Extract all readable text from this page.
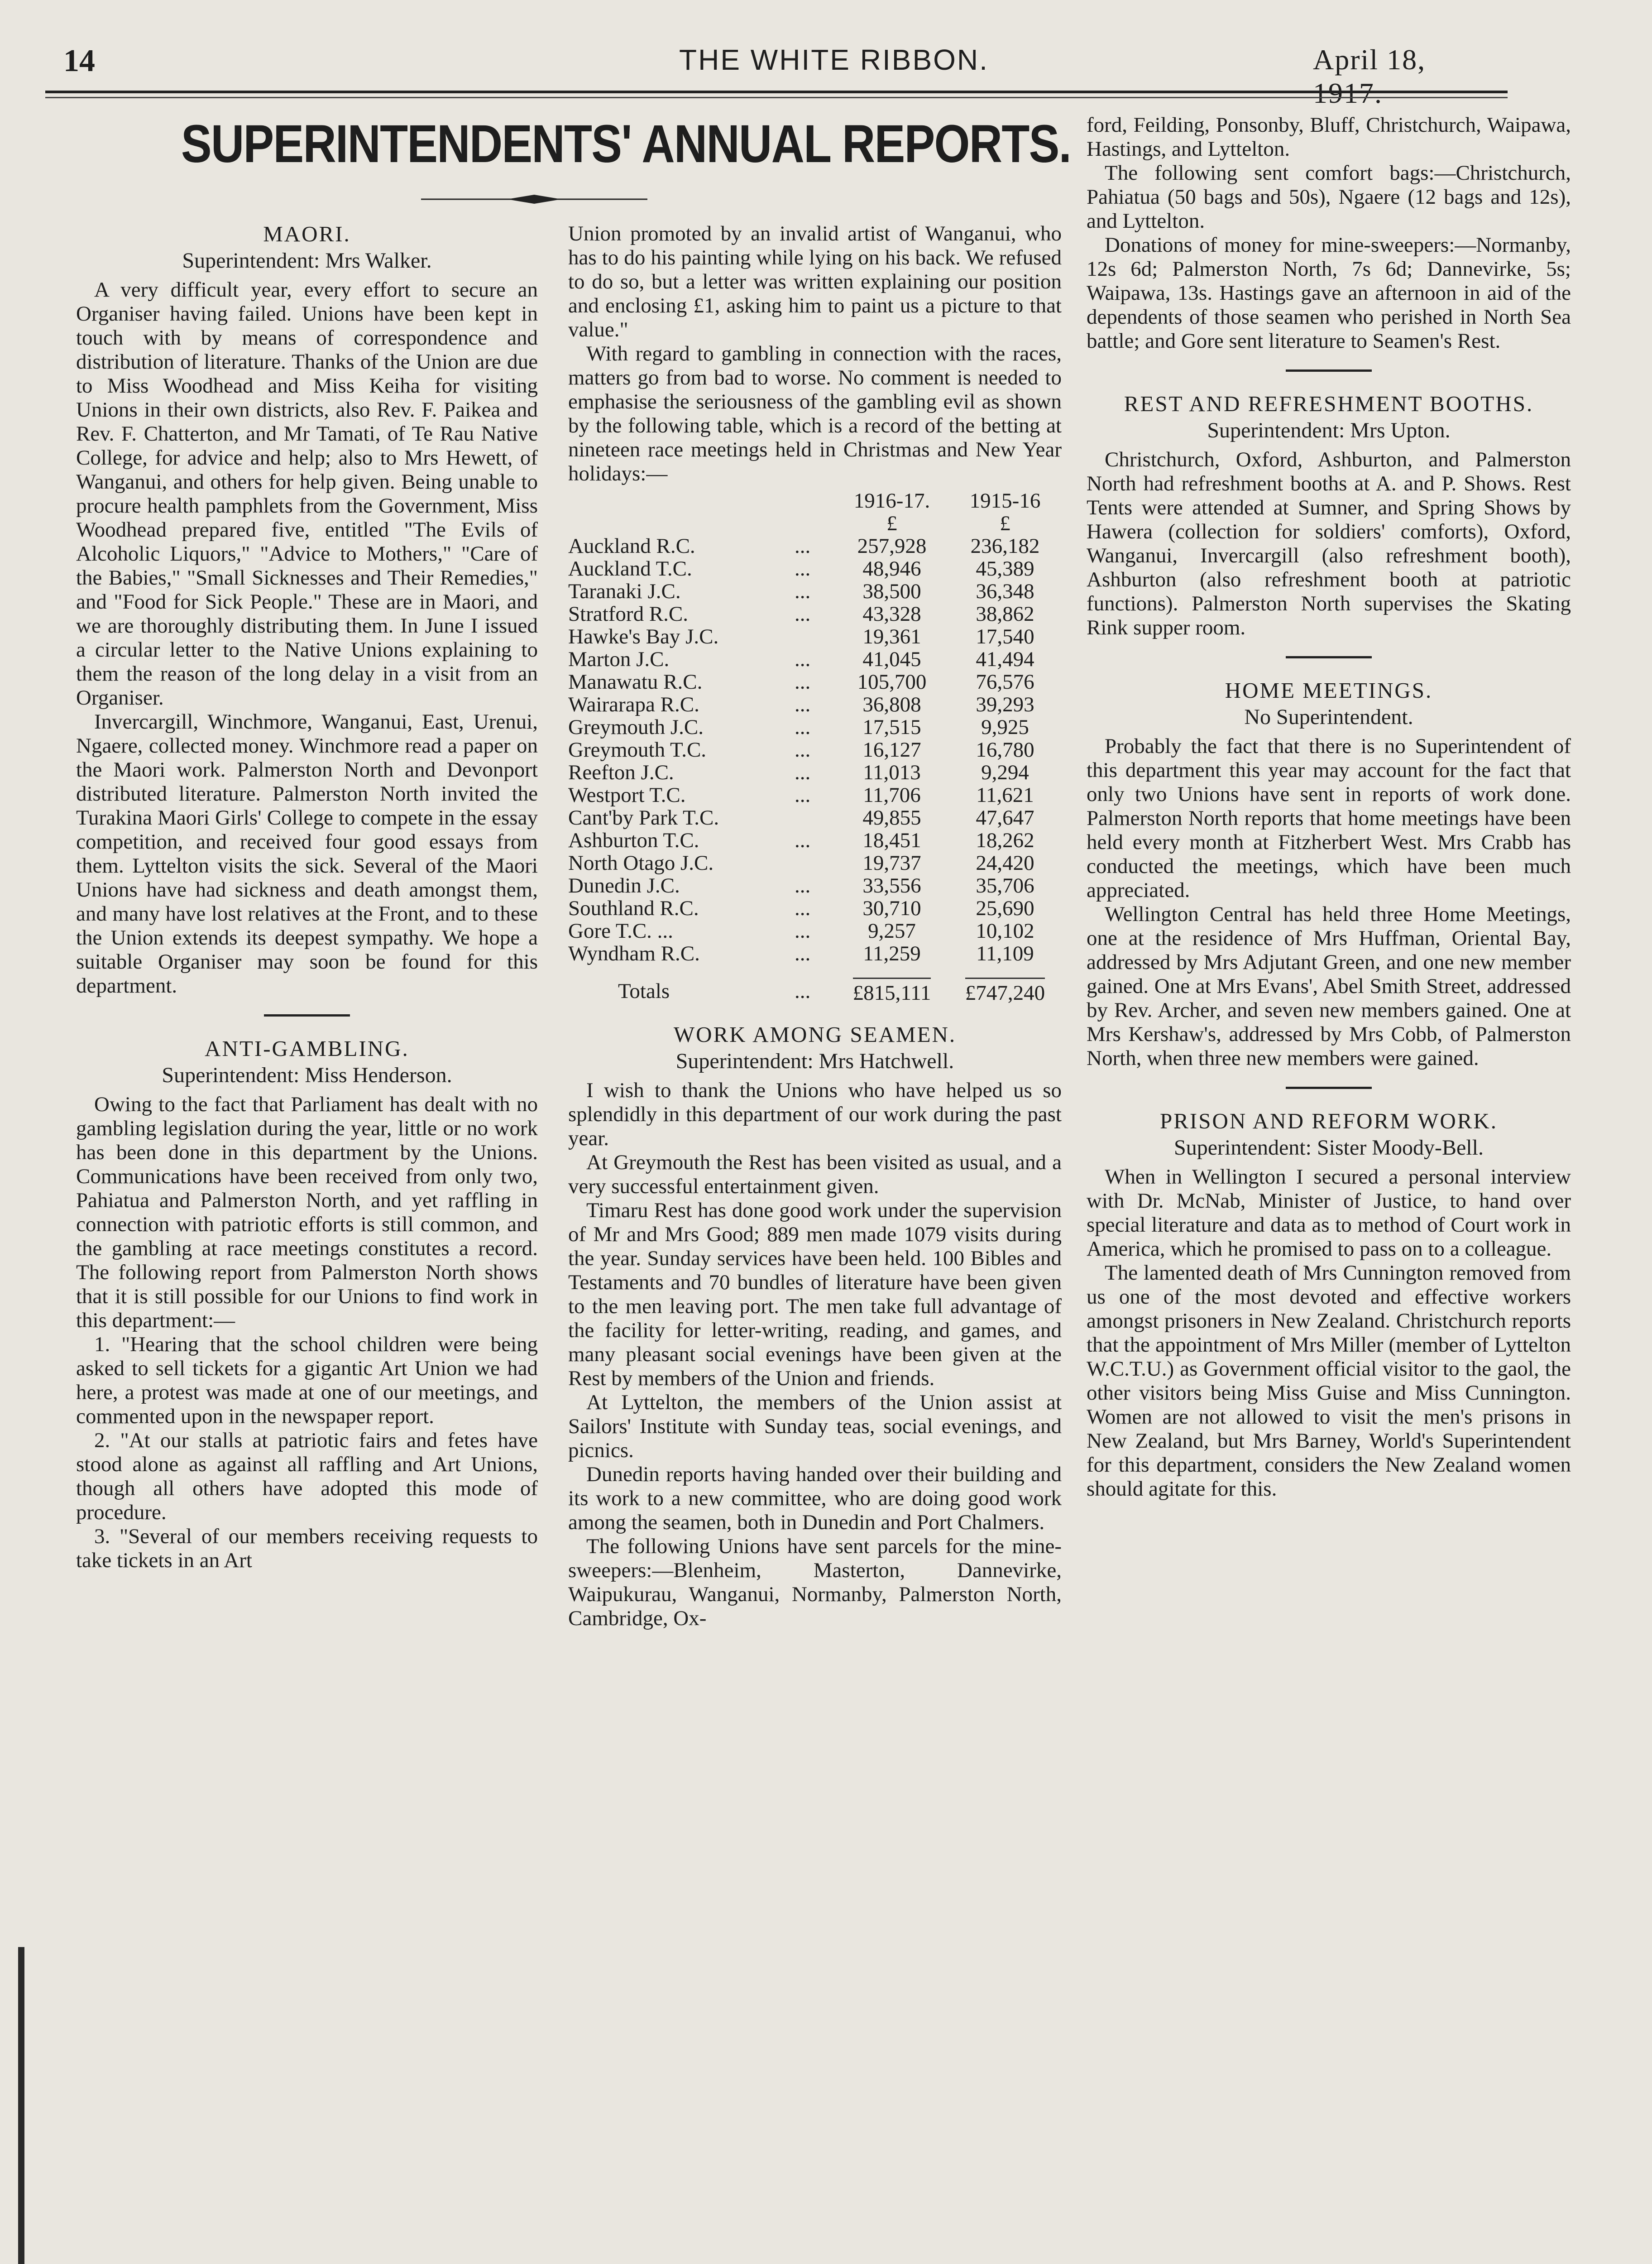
14	THE WHITE RIBBON.	April 18,
SUPERINTENDENTS' ANNUAL REPORTS.
MAORI.
Superintendent: Mrs Walker.

A very difficult year, every effort to secure an Organiser having failed. Unions have been kept in touch with by means of correspondence and distribution of literature. Thanks of the Union are due to Miss Woodhead and Miss Keiha for visiting Unions in their own districts, also Rev. F. Paikea and Rev. F. Chatterton, and Mr Tamati, of Te Rau Native College, for advice and help; also to Mrs Hewett, of Wanganui, and others for help given. Being unable to procure health pamphlets from the Government, Miss Woodhead prepared five, entitled "The Evils of Alcoholic Liquors," "Advice to Mothers," "Care of the Babies," "Small Sicknesses and Their Remedies," and "Food for Sick People." These are in Maori, and we are thoroughly distributing them. In June I issued a circular letter to the Native Unions explaining to them the reason of the long delay in a visit from an Organiser.

Invercargill, Winchmore, Wanganui, East, Urenui, Ngaere, collected money. Winchmore read a paper on the Maori work. Palmerston North and Devonport distributed literature. Palmerston North invited the Turakina Maori Girls' College to compete in the essay competition, and received four good essays from them. Lyttelton visits the sick. Several of the Maori Unions have had sickness and death amongst them, and many have lost relatives at the Front, and to these the Union extends its deepest sympathy. We hope a suitable Organiser may soon be found for this department.

ANTI-GAMBLING.
Superintendent: Miss Henderson.

Owing to the fact that Parliament has dealt with no gambling legislation during the year, little or no work has been done in this department by the Unions. Communications have been received from only two, Pahiatua and Palmerston North, and yet raffling in connection with patriotic efforts is still common, and the gambling at race meetings constitutes a record. The following report from Palmerston North shows that it is still possible for our Unions to find work in this department:—

1. "Hearing that the school children were being asked to sell tickets for a gigantic Art Union we had here, a protest was made at one of our meetings, and commented upon in the newspaper report.

2. "At our stalls at patriotic fairs and fetes have stood alone as against all raffling and Art Unions, though all others have adopted this mode of procedure.

3. "Several of our members receiving requests to take tickets in an Art

Union promoted by an invalid artist of Wanganui, who has to do his painting while lying on his back. We refused to do so, but a letter was written explaining our position and enclosing £1, asking him to paint us a picture to that value."

With regard to gambling in connection with the races, matters go from bad to worse. No comment is needed to emphasise the seriousness of the gambling evil as shown by the following table, which is a record of the betting at nineteen race meetings held in Christmas and New Year holidays:—

		1916-17.	1915-16
		£	£
Auckland R.C.	...	257,928	236,182
Auckland T.C.	...	48,946	45,389
Taranaki J.C.	...	38,500	36,348
Stratford R.C.	...	43,328	38,862
Hawke's Bay J.C.		19,361	17,540
Marton J.C.	...	41,045	41,494
Manawatu R.C.	...	105,700	76,576
Wairarapa R.C.	...	36,808	39,293
Greymouth J.C.	...	17,515	9,925
Greymouth T.C.	...	16,127	16,780
Reefton J.C.	...	11,013	9,294
Westport T.C.	...	11,706	11,621
Cant'by Park T.C.		49,855	47,647
Ashburton T.C.	...	18,451	18,262
North Otago J.C.		19,737	24,420
Dunedin J.C.	...	33,556	35,706
Southland R.C.	...	30,710	25,690
Gore T.C. ...	...	9,257	10,102
Wyndham R.C.	...	11,259	11,109
Totals	...	£815,111	£747,240
WORK AMONG SEAMEN.
Superintendent: Mrs Hatchwell.

I wish to thank the Unions who have helped us so splendidly in this department of our work during the past year.

At Greymouth the Rest has been visited as usual, and a very successful entertainment given.

Timaru Rest has done good work under the supervision of Mr and Mrs Good; 889 men made 1079 visits during the year. Sunday services have been held. 100 Bibles and Testaments and 70 bundles of literature have been given to the men leaving port. The men take full advantage of the facility for letter-writing, reading, and games, and many pleasant social evenings have been given at the Rest by members of the Union and friends.

At Lyttelton, the members of the Union assist at Sailors' Institute with Sunday teas, social evenings, and picnics.

Dunedin reports having handed over their building and its work to a new committee, who are doing good work among the seamen, both in Dunedin and Port Chalmers.

The following Unions have sent parcels for the mine-sweepers:—Blenheim, Masterton, Dannevirke, Waipukurau, Wanganui, Normanby, Palmerston North, Cambridge, Ox-

ford, Feilding, Ponsonby, Bluff, Christchurch, Waipawa, Hastings, and Lyttelton.

The following sent comfort bags:—Christchurch, Pahiatua (50 bags and 50s), Ngaere (12 bags and 12s), and Lyttelton.

Donations of money for mine-sweepers:—Normanby, 12s 6d; Palmerston North, 7s 6d; Dannevirke, 5s; Waipawa, 13s. Hastings gave an afternoon in aid of the dependents of those seamen who perished in North Sea battle; and Gore sent literature to Seamen's Rest.

REST AND REFRESHMENT BOOTHS.
Superintendent: Mrs Upton.

Christchurch, Oxford, Ashburton, and Palmerston North had refreshment booths at A. and P. Shows. Rest Tents were attended at Sumner, and Spring Shows by Hawera (collection for soldiers' comforts), Oxford, Wanganui, Invercargill (also refreshment booth), Ashburton (also refreshment booth at patriotic functions). Palmerston North supervises the Skating Rink supper room.

HOME MEETINGS.
No Superintendent.

Probably the fact that there is no Superintendent of this department this year may account for the fact that only two Unions have sent in reports of work done. Palmerston North reports that home meetings have been held every month at Fitzherbert West. Mrs Crabb has conducted the meetings, which have been much appreciated.

Wellington Central has held three Home Meetings, one at the residence of Mrs Huffman, Oriental Bay, addressed by Mrs Adjutant Green, and one new member gained. One at Mrs Evans', Abel Smith Street, addressed by Rev. Archer, and seven new members gained. One at Mrs Kershaw's, addressed by Mrs Cobb, of Palmerston North, when three new members were gained.

PRISON AND REFORM WORK.
Superintendent: Sister Moody-Bell.

When in Wellington I secured a personal interview with Dr. McNab, Minister of Justice, to hand over special literature and data as to method of Court work in America, which he promised to pass on to a colleague.

The lamented death of Mrs Cunnington removed from us one of the most devoted and effective workers amongst prisoners in New Zealand. Christchurch reports that the appointment of Mrs Miller (member of Lyttelton W.C.T.U.) as Government official visitor to the gaol, the other visitors being Miss Guise and Miss Cunnington. Women are not allowed to visit the men's prisons in New Zealand, but Mrs Barney, World's Superintendent for this department, considers the New Zealand women should agitate for this.
